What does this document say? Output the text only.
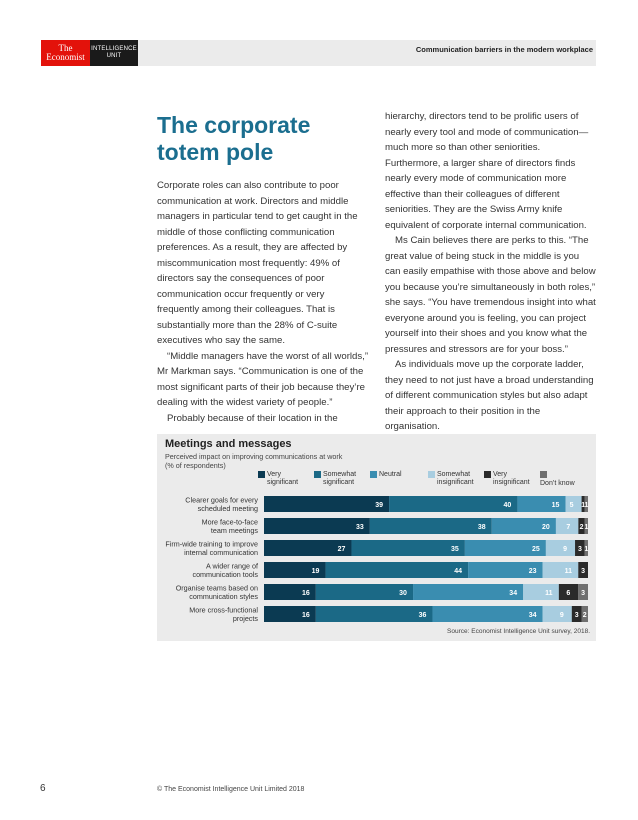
The
Economist
INTELLIGENCE
UNIT
Communication barriers in the modern workplace
The corporate totem pole

Corporate roles can also contribute to poor communication at work. Directors and middle managers in particular tend to get caught in the middle of those conflicting communication preferences. As a result, they are affected by miscommunication most frequently: 49% of directors say the consequences of poor communication occur frequently or very frequently among their colleagues. That is substantially more than the 28% of C-suite executives who say the same.

“Middle managers have the worst of all worlds,” Mr Markman says. “Communication is one of the most significant parts of their job because they’re dealing with the widest variety of people.”

Probably because of their location in the

hierarchy, directors tend to be prolific users of nearly every tool and mode of communication—much more so than other seniorities. Furthermore, a larger share of directors finds nearly every mode of communication more effective than their colleagues of different seniorities. They are the Swiss Army knife equivalent of corporate internal communication.

Ms Cain believes there are perks to this. “The great value of being stuck in the middle is you can easily empathise with those above and below you because you’re simultaneously in both roles,” she says. “You have tremendous insight into what everyone around you is feeling, you can project yourself into their shoes and you know what the pressures and stressors are for your boss.”

As individuals move up the corporate ladder, they need to not just have a broad understanding of different communication styles but also adapt their approach to their position in the organisation.

Meetings and messages
Perceived impact on improving communications at work
(% of respondents)
Very
significant
Somewhat
significant
Neutral	Somewhat
insignificant
Very
insignificant	Don’t know
Clearer goals for every
scheduled meeting	39	40	15 5 1 1
More face-to-face
team meetings	33	38	20 7 2 1
Firm-wide training to improve
internal communication	27	35	25	9 3 1
A wider range of
communication tools	19	44	23	11 3
Organise teams based on
communication styles	16	30	34	11 6 3
More cross-functional
projects	16	36	34	9 3 2
Source: Economist Intelligence Unit survey, 2018.
6	© The Economist Intelligence Unit Limited 2018
